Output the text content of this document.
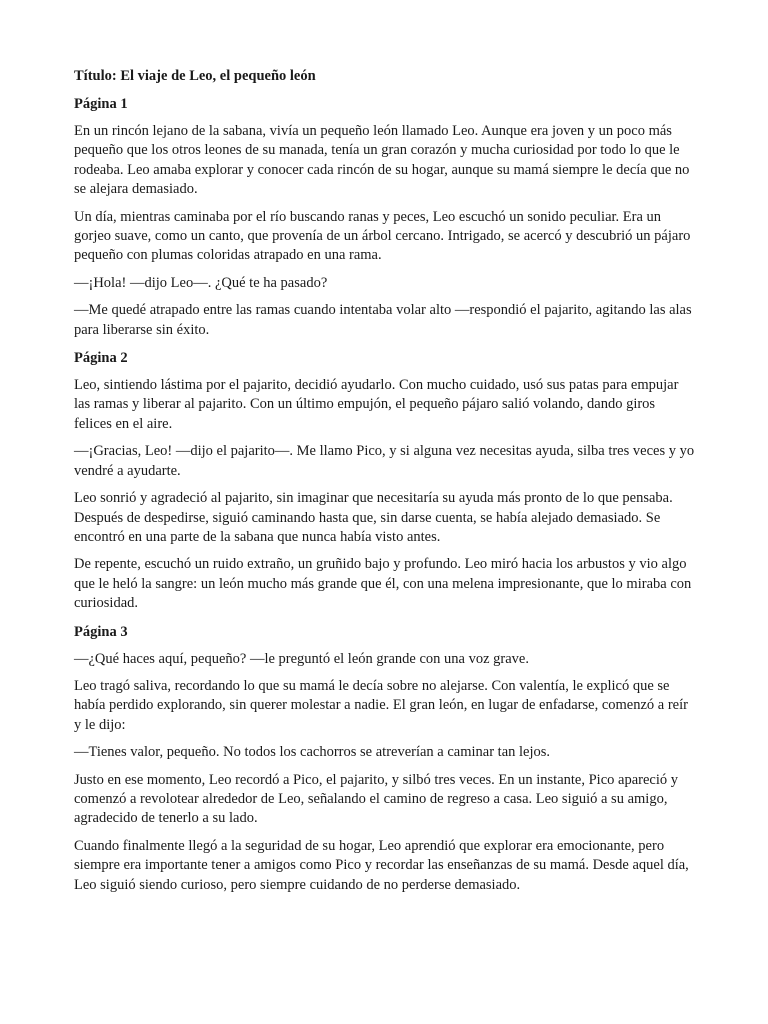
Título: El viaje de Leo, el pequeño león

Página 1

En un rincón lejano de la sabana, vivía un pequeño león llamado Leo. Aunque era joven y un poco más pequeño que los otros leones de su manada, tenía un gran corazón y mucha curiosidad por todo lo que le rodeaba. Leo amaba explorar y conocer cada rincón de su hogar, aunque su mamá siempre le decía que no se alejara demasiado.

Un día, mientras caminaba por el río buscando ranas y peces, Leo escuchó un sonido peculiar. Era un gorjeo suave, como un canto, que provenía de un árbol cercano. Intrigado, se acercó y descubrió un pájaro pequeño con plumas coloridas atrapado en una rama.

—¡Hola! —dijo Leo—. ¿Qué te ha pasado?

—Me quedé atrapado entre las ramas cuando intentaba volar alto —respondió el pajarito, agitando las alas para liberarse sin éxito.

Página 2

Leo, sintiendo lástima por el pajarito, decidió ayudarlo. Con mucho cuidado, usó sus patas para empujar las ramas y liberar al pajarito. Con un último empujón, el pequeño pájaro salió volando, dando giros felices en el aire.

—¡Gracias, Leo! —dijo el pajarito—. Me llamo Pico, y si alguna vez necesitas ayuda, silba tres veces y yo vendré a ayudarte.

Leo sonrió y agradeció al pajarito, sin imaginar que necesitaría su ayuda más pronto de lo que pensaba. Después de despedirse, siguió caminando hasta que, sin darse cuenta, se había alejado demasiado. Se encontró en una parte de la sabana que nunca había visto antes.

De repente, escuchó un ruido extraño, un gruñido bajo y profundo. Leo miró hacia los arbustos y vio algo que le heló la sangre: un león mucho más grande que él, con una melena impresionante, que lo miraba con curiosidad.

Página 3

—¿Qué haces aquí, pequeño? —le preguntó el león grande con una voz grave.

Leo tragó saliva, recordando lo que su mamá le decía sobre no alejarse. Con valentía, le explicó que se había perdido explorando, sin querer molestar a nadie. El gran león, en lugar de enfadarse, comenzó a reír y le dijo:

—Tienes valor, pequeño. No todos los cachorros se atreverían a caminar tan lejos.

Justo en ese momento, Leo recordó a Pico, el pajarito, y silbó tres veces. En un instante, Pico apareció y comenzó a revolotear alrededor de Leo, señalando el camino de regreso a casa. Leo siguió a su amigo, agradecido de tenerlo a su lado.

Cuando finalmente llegó a la seguridad de su hogar, Leo aprendió que explorar era emocionante, pero siempre era importante tener a amigos como Pico y recordar las enseñanzas de su mamá. Desde aquel día, Leo siguió siendo curioso, pero siempre cuidando de no perderse demasiado.
